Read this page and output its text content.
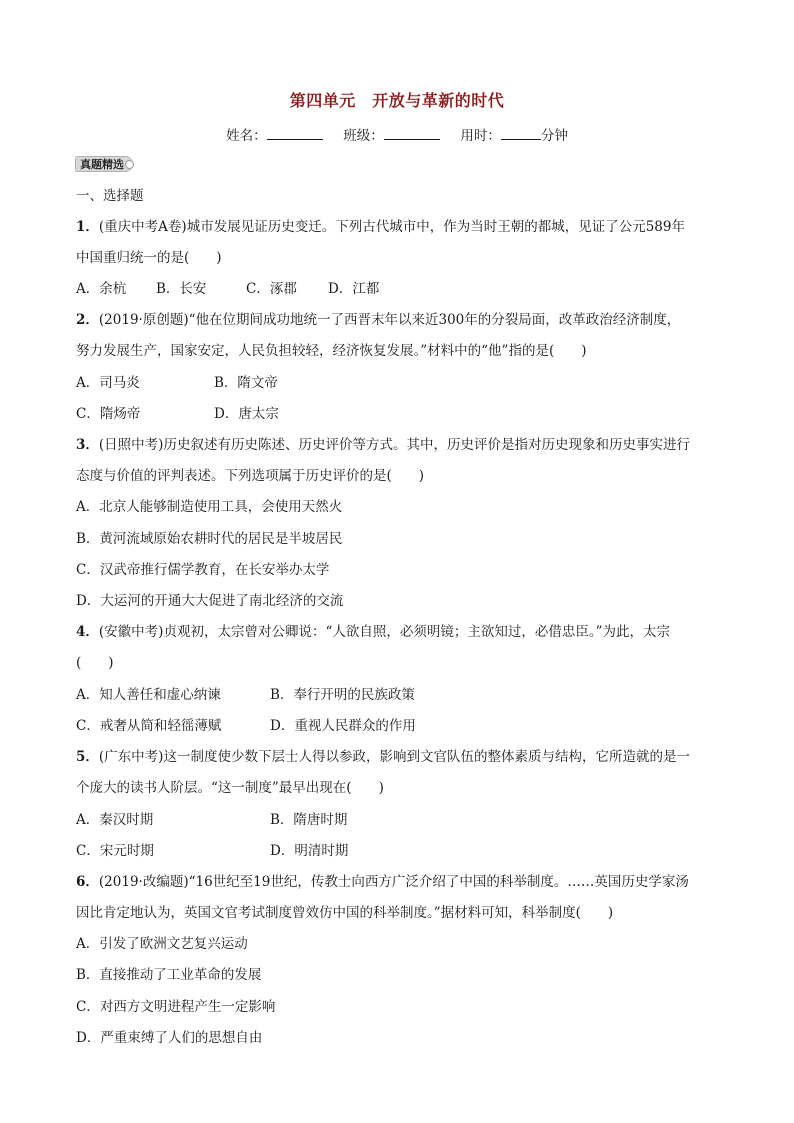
第四单元　开放与革新的时代
姓名：	班级：	用时：	分钟
真题精选
一、选择题
1．(重庆中考A卷)城市发展见证历史变迁。下列古代城市中，作为当时王朝的都城，见证了公元589年
中国重归统一的是(　　)
A．余杭 B．长安	C．涿郡 D．江都
2．(2019·原创题)“他在位期间成功地统一了西晋末年以来近300年的分裂局面，改革政治经济制度，
努力发展生产，国家安定，人民负担较轻，经济恢复发展。”材料中的“他”指的是(　　)
A．司马炎	B．隋文帝
C．隋炀帝	D．唐太宗
3．(日照中考)历史叙述有历史陈述、历史评价等方式。其中，历史评价是指对历史现象和历史事实进行
态度与价值的评判表述。下列选项属于历史评价的是(　　)
A．北京人能够制造使用工具，会使用天然火
B．黄河流域原始农耕时代的居民是半坡居民
C．汉武帝推行儒学教育，在长安举办太学
D．大运河的开通大大促进了南北经济的交流
4．(安徽中考)贞观初，太宗曾对公卿说：“人欲自照，必须明镜；主欲知过，必借忠臣。”为此，太宗
(　　)
A．知人善任和虚心纳谏	B．奉行开明的民族政策
C．戒奢从简和轻徭薄赋	D．重视人民群众的作用
5．(广东中考)这一制度使少数下层士人得以参政，影响到文官队伍的整体素质与结构，它所造就的是一
个庞大的读书人阶层。“这一制度”最早出现在(　　)
A．秦汉时期	B．隋唐时期
C．宋元时期	D．明清时期
6．(2019·改编题)“16世纪至19世纪，传教士向西方广泛介绍了中国的科举制度。……英国历史学家汤
因比肯定地认为，英国文官考试制度曾效仿中国的科举制度。”据材料可知，科举制度(　　)
A．引发了欧洲文艺复兴运动
B．直接推动了工业革命的发展
C．对西方文明进程产生一定影响
D．严重束缚了人们的思想自由
